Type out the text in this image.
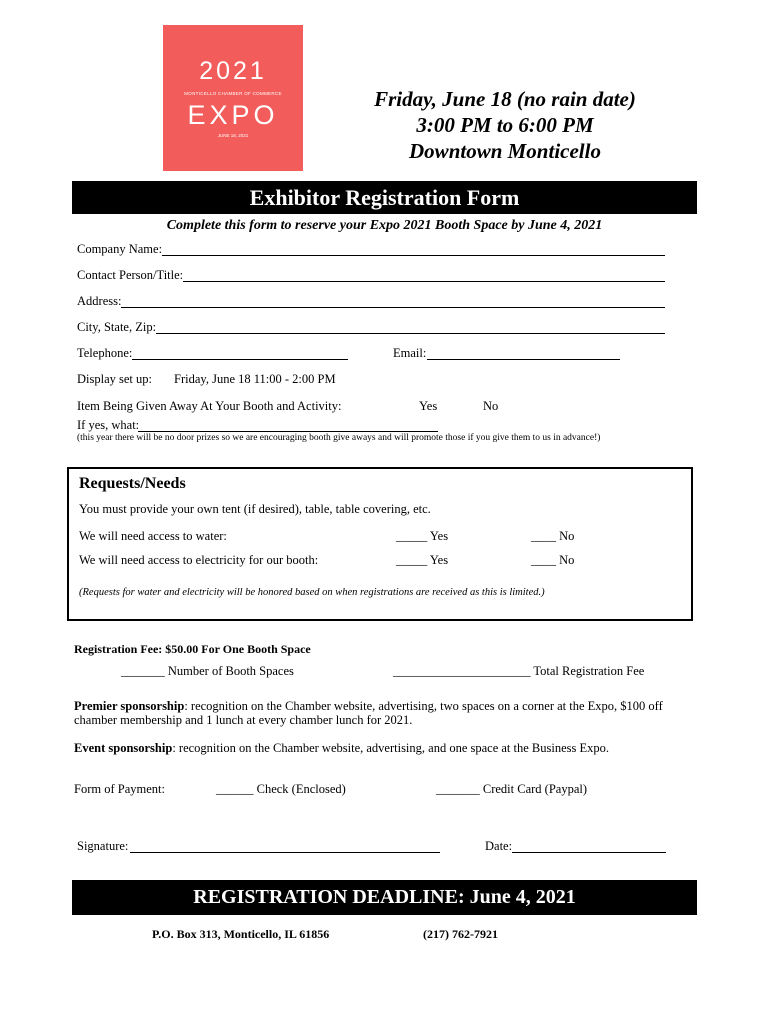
2021
MONTICELLO CHAMBER OF COMMERCE
EXPO
JUNE 18, 2021
Friday, June 18 (no rain date)
3:00 PM to 6:00 PM
Downtown Monticello
Exhibitor Registration Form
Complete this form to reserve your Expo 2021 Booth Space by June 4, 2021
Company Name:
Contact Person/Title:
Address:
City, State, Zip:
Telephone:	Email:
Display set up: Friday, June 18 11:00 - 2:00 PM
Item Being Given Away At Your Booth and Activity:	Yes	No
If yes, what:
(this year there will be no door prizes so we are encouraging booth give aways and will promote those if you give them to us in advance!)
Requests/Needs
You must provide your own tent (if desired), table, table covering, etc.
We will need access to water:	_____ Yes	____ No
We will need access to electricity for our booth:	_____ Yes	____ No
(Requests for water and electricity will be honored based on when registrations are received as this is limited.)
Registration Fee: $50.00 For One Booth Space
_______ Number of Booth Spaces	______________________ Total Registration Fee
Premier sponsorship: recognition on the Chamber website, advertising, two spaces on a corner at the Expo, $100 off chamber membership and 1 lunch at every chamber lunch for 2021.
Event sponsorship: recognition on the Chamber website, advertising, and one space at the Business Expo.
Form of Payment:	______ Check (Enclosed)	_______ Credit Card (Paypal)
Signature:	Date:
REGISTRATION DEADLINE: June 4, 2021
P.O. Box 313, Monticello, IL 61856	(217) 762-7921
